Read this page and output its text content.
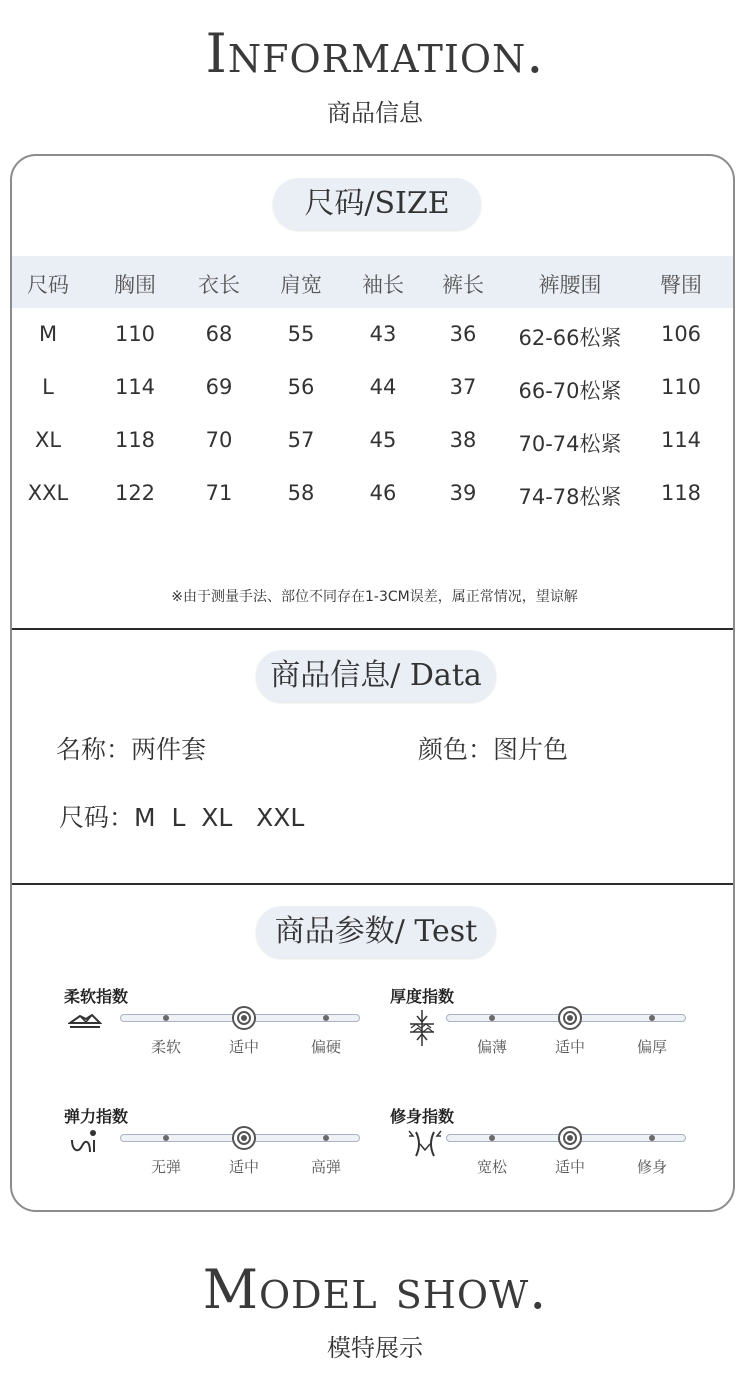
Information.
商品信息
尺码/SIZE
尺码	胸围	衣长	肩宽	袖长	裤长	裤腰围	臀围
M	110	68	55	43	36	62-66松紧	106
L	114	69	56	44	37	66-70松紧	110
XL	118	70	57	45	38	70-74松紧	114
XXL	122	71	58	46	39	74-78松紧	118
※由于测量手法、部位不同存在1-3CM误差，属正常情况，望谅解
商品信息/ Data
名称：两件套	颜色：图片色
尺码：M  L  XL   XXL
商品参数/ Test
柔软指数
柔软	适中	偏硬
厚度指数
偏薄	适中	偏厚
弹力指数
无弹	适中	高弹
修身指数
宽松	适中	修身
Model show.
模特展示
